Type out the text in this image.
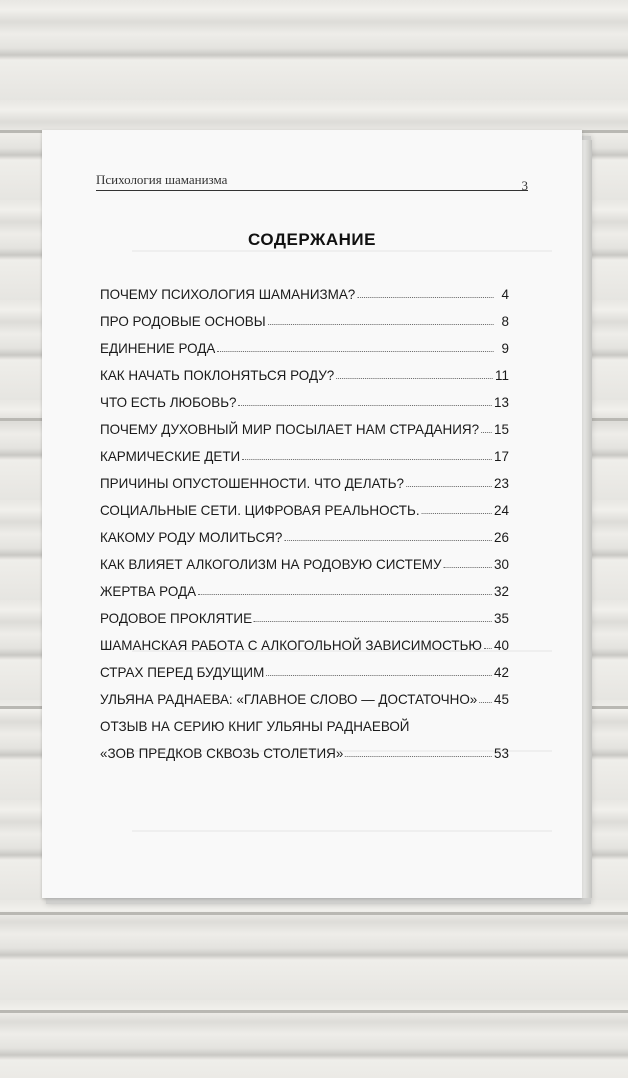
Психология шаманизма	3
СОДЕРЖАНИЕ
ПОЧЕМУ ПСИХОЛОГИЯ ШАМАНИЗМА?	4
ПРО РОДОВЫЕ ОСНОВЫ	8
ЕДИНЕНИЕ РОДА	9
КАК НАЧАТЬ ПОКЛОНЯТЬСЯ РОДУ?	11
ЧТО ЕСТЬ ЛЮБОВЬ?	13
ПОЧЕМУ ДУХОВНЫЙ МИР ПОСЫЛАЕТ НАМ СТРАДАНИЯ? 15
КАРМИЧЕСКИЕ ДЕТИ	17
ПРИЧИНЫ ОПУСТОШЕННОСТИ. ЧТО ДЕЛАТЬ?	23
СОЦИАЛЬНЫЕ СЕТИ. ЦИФРОВАЯ РЕАЛЬНОСТЬ.	24
КАКОМУ РОДУ МОЛИТЬСЯ?	26
КАК ВЛИЯЕТ АЛКОГОЛИЗМ НА РОДОВУЮ СИСТЕМУ	30
ЖЕРТВА РОДА	32
РОДОВОЕ ПРОКЛЯТИЕ	35
ШАМАНСКАЯ РАБОТА С АЛКОГОЛЬНОЙ ЗАВИСИМОСТЬЮ 40
СТРАХ ПЕРЕД БУДУЩИМ	42
УЛЬЯНА РАДНАЕВА: «ГЛАВНОЕ СЛОВО — ДОСТАТОЧНО» 45
ОТЗЫВ НА СЕРИЮ КНИГ УЛЬЯНЫ РАДНАЕВОЙ
«ЗОВ ПРЕДКОВ СКВОЗЬ СТОЛЕТИЯ»	53
